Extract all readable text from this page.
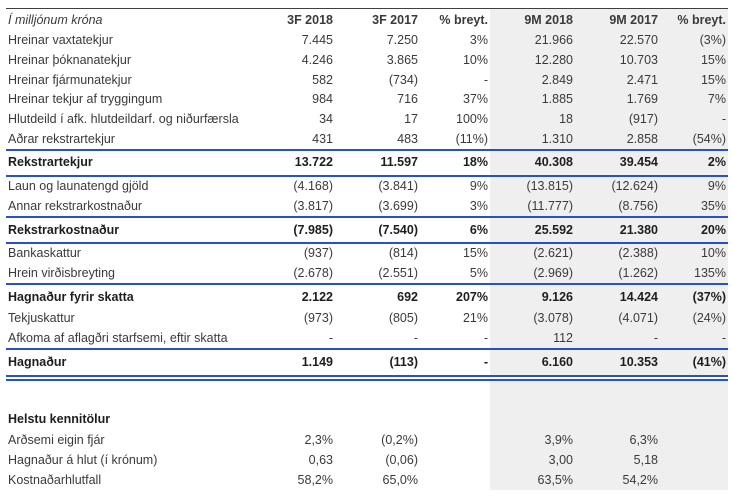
Í milljónum króna	3F 2018	3F 2017	% breyt.	9M 2018	9M 2017	% breyt.
Hreinar vaxtatekjur	7.445	7.250	3%	21.966	22.570	(3%)
Hreinar þóknanatekjur	4.246	3.865	10%	12.280	10.703	15%
Hreinar fjármunatekjur	582	(734)	-	2.849	2.471	15%
Hreinar tekjur af tryggingum	984	716	37%	1.885	1.769	7%
Hlutdeild í afk. hlutdeildarf. og niðurfærsla	34	17	100%	18	(917)	-
Aðrar rekstrartekjur	431	483	(11%)	1.310	2.858	(54%)
Rekstrartekjur	13.722	11.597	18%	40.308	39.454	2%
Laun og launatengd gjöld	(4.168)	(3.841)	9%	(13.815)	(12.624)	9%
Annar rekstrarkostnaður	(3.817)	(3.699)	3%	(11.777)	(8.756)	35%
Rekstrarkostnaður	(7.985)	(7.540)	6%	25.592	21.380	20%
Bankaskattur	(937)	(814)	15%	(2.621)	(2.388)	10%
Hrein virðisbreyting	(2.678)	(2.551)	5%	(2.969)	(1.262)	135%
Hagnaður fyrir skatta	2.122	692	207%	9.126	14.424	(37%)
Tekjuskattur	(973)	(805)	21%	(3.078)	(4.071)	(24%)
Afkoma af aflagðri starfsemi, eftir skatta	-	-	-	112	-	-
Hagnaður	1.149	(113)	-	6.160	10.353	(41%)

Helstu kennitölur						
Arðsemi eigin fjár	2,3%	(0,2%)		3,9%	6,3%	
Hagnaður á hlut (í krónum)	0,63	(0,06)		3,00	5,18	
Kostnaðarhlutfall	58,2%	65,0%		63,5%	54,2%	
